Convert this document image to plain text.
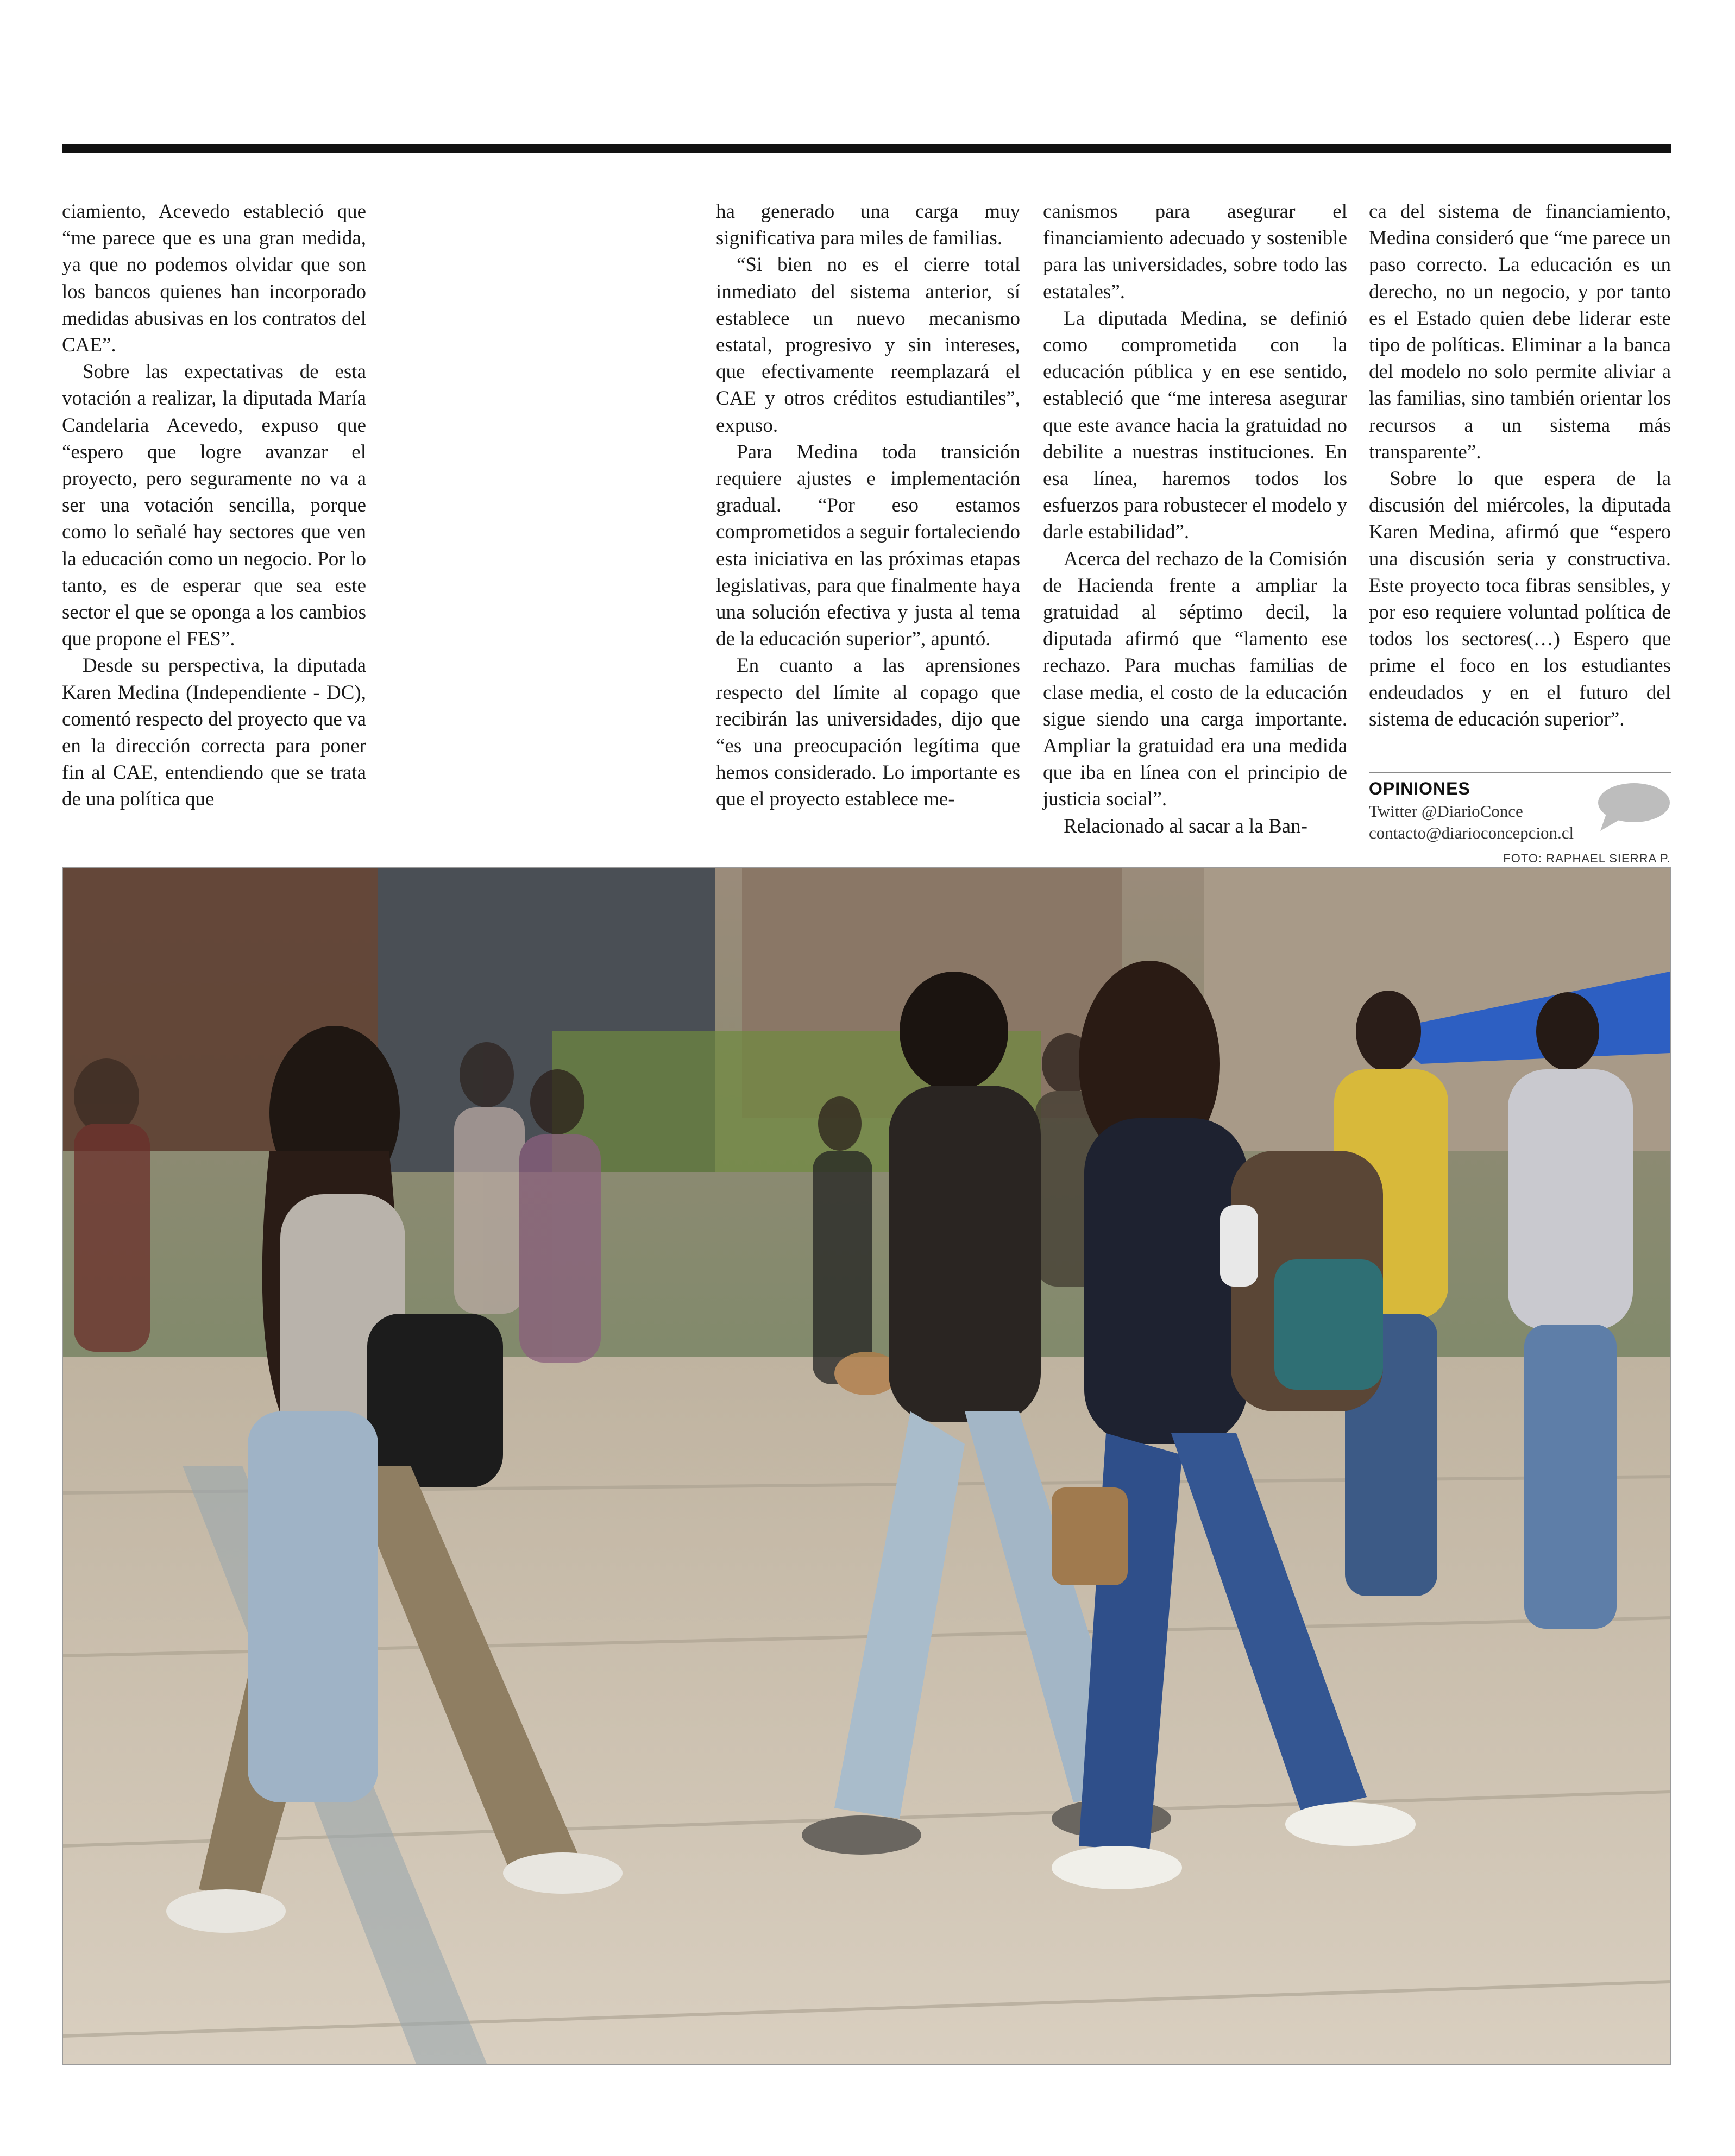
ciamiento, Acevedo estableció que “me parece que es una gran medida, ya que no podemos olvidar que son los bancos quienes han incorporado medidas abusivas en los contratos del CAE”.

Sobre las expectativas de esta votación a realizar, la diputada María Candelaria Acevedo, expuso que “espero que logre avanzar el proyecto, pero seguramente no va a ser una votación sencilla, porque como lo señalé hay sectores que ven la educación como un negocio. Por lo tanto, es de esperar que sea este sector el que se oponga a los cambios que propone el FES”.

Desde su perspectiva, la diputada Karen Medina (Independiente - DC), comentó respecto del proyecto que va en la dirección correcta para poner fin al CAE, entendiendo que se trata de una política que

ha generado una carga muy significativa para miles de familias.

“Si bien no es el cierre total inmediato del sistema anterior, sí establece un nuevo mecanismo estatal, progresivo y sin intereses, que efectivamente reemplazará el CAE y otros créditos estudiantiles”, expuso.

Para Medina toda transición requiere ajustes e implementación gradual. “Por eso estamos comprometidos a seguir fortaleciendo esta iniciativa en las próximas etapas legislativas, para que finalmente haya una solución efectiva y justa al tema de la educación superior”, apuntó.

En cuanto a las aprensiones respecto del límite al copago que recibirán las universidades, dijo que “es una preocupación legítima que hemos considerado. Lo importante es que el proyecto establece me-

canismos para asegurar el financiamiento adecuado y sostenible para las universidades, sobre todo las estatales”.

La diputada Medina, se definió como comprometida con la educación pública y en ese sentido, estableció que “me interesa asegurar que este avance hacia la gratuidad no debilite a nuestras instituciones. En esa línea, haremos todos los esfuerzos para robustecer el modelo y darle estabilidad”.

Acerca del rechazo de la Comisión de Hacienda frente a ampliar la gratuidad al séptimo decil, la diputada afirmó que “lamento ese rechazo. Para muchas familias de clase media, el costo de la educación sigue siendo una carga importante. Ampliar la gratuidad era una medida que iba en línea con el principio de justicia social”.

Relacionado al sacar a la Ban-

ca del sistema de financiamiento, Medina consideró que “me parece un paso correcto. La educación es un derecho, no un negocio, y por tanto es el Estado quien debe liderar este tipo de políticas. Eliminar a la banca del modelo no solo permite aliviar a las familias, sino también orientar los recursos a un sistema más transparente”.

Sobre lo que espera de la discusión del miércoles, la diputada Karen Medina, afirmó que “espero una discusión seria y constructiva. Este proyecto toca fibras sensibles, y por eso requiere voluntad política de todos los sectores(…) Espero que prime el foco en los estudiantes endeudados y en el futuro del sistema de educación superior”.

OPINIONES
Twitter @DiarioConce
contacto@diarioconcepcion.cl
FOTO: RAPHAEL SIERRA P.
